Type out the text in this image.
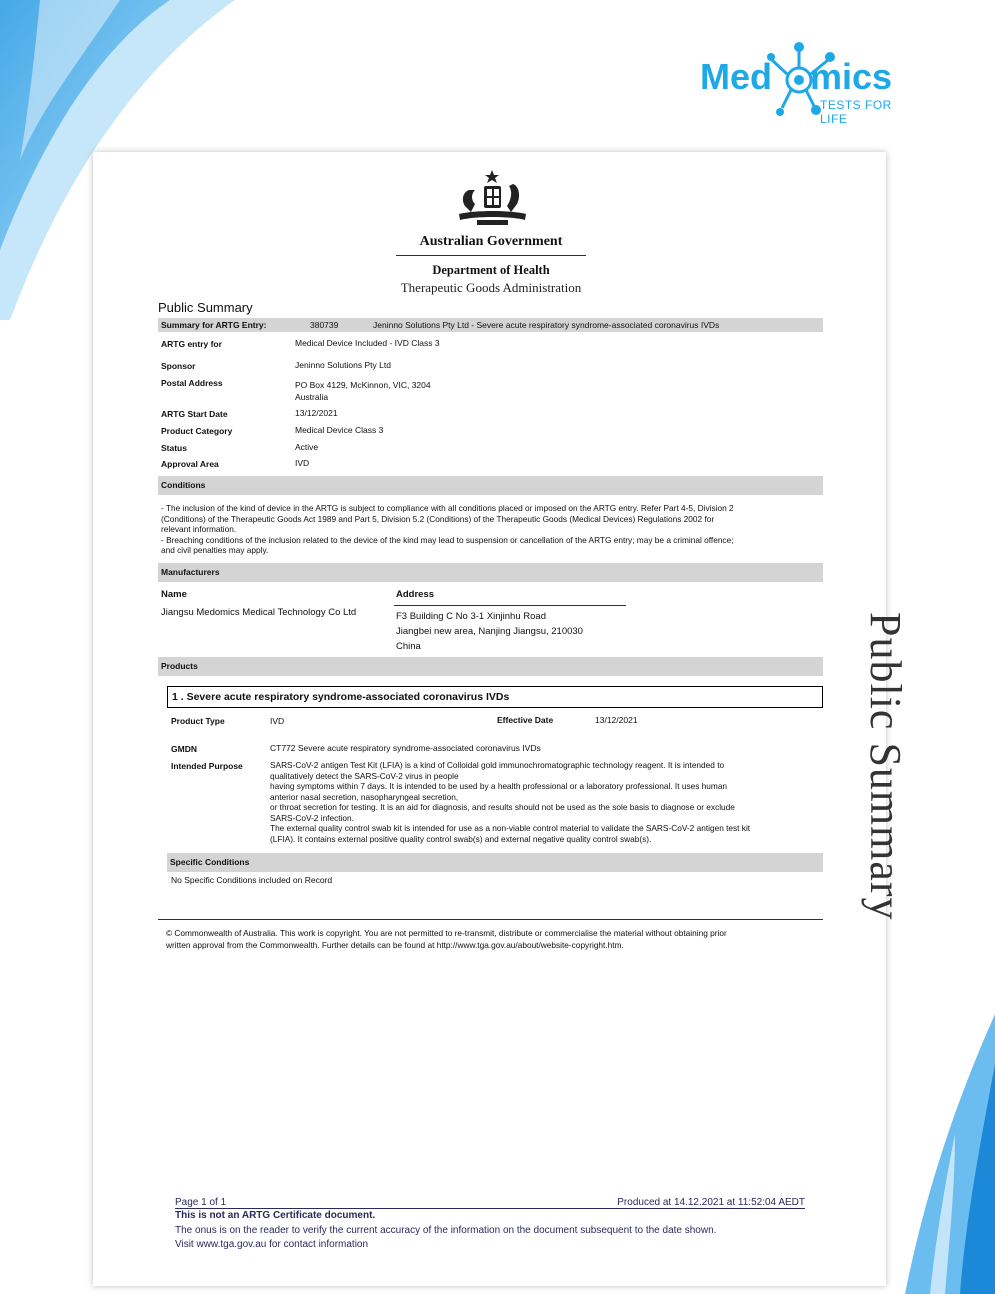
Med mics
TESTS FOR LIFE
Australian Government
Department of Health
Therapeutic Goods Administration
Public Summary
Summary for ARTG Entry:	380739	Jeninno Solutions Pty Ltd - Severe acute respiratory syndrome-associated coronavirus IVDs
ARTG entry for	Medical Device Included - IVD Class 3
Sponsor	Jeninno Solutions Pty Ltd
Postal Address	PO Box 4129, McKinnon, VIC, 3204
Australia
ARTG Start Date	13/12/2021
Product Category	Medical Device Class 3
Status	Active
Approval Area	IVD
Conditions
- The inclusion of the kind of device in the ARTG is subject to compliance with all conditions placed or imposed on the ARTG entry. Refer Part 4-5, Division 2
(Conditions) of the Therapeutic Goods Act 1989 and Part 5, Division 5.2 (Conditions) of the Therapeutic Goods (Medical Devices) Regulations 2002 for
relevant information.
- Breaching conditions of the inclusion related to the device of the kind may lead to suspension or cancellation of the ARTG entry; may be a criminal offence;
and civil penalties may apply.
Manufacturers
Name	Address
Jiangsu Medomics Medical Technology Co Ltd	F3 Building C No 3-1 Xinjinhu Road
Jiangbei new area, Nanjing Jiangsu, 210030
China
Products
1 . Severe acute respiratory syndrome-associated coronavirus IVDs
Product Type	IVD	Effective Date	13/12/2021
GMDN	CT772 Severe acute respiratory syndrome-associated coronavirus IVDs
Intended Purpose	SARS-CoV-2 antigen Test Kit (LFIA) is a kind of Colloidal gold immunochromatographic technology reagent. It is intended to
qualitatively detect the SARS-CoV-2 virus in people
having symptoms within 7 days. It is intended to be used by a health professional or a laboratory professional. It uses human
anterior nasal secretion, nasopharyngeal secretion,
or throat secretion for testing. It is an aid for diagnosis, and results should not be used as the sole basis to diagnose or exclude
SARS-CoV-2 infection.
The external quality control swab kit is intended for use as a non-viable control material to validate the SARS-CoV-2 antigen test kit
(LFIA). It contains external positive quality control swab(s) and external negative quality control swab(s).
Specific Conditions
No Specific Conditions included on Record
© Commonwealth of Australia. This work is copyright. You are not permitted to re-transmit, distribute or commercialise the material without obtaining prior
written approval from the Commonwealth. Further details can be found at http://www.tga.gov.au/about/website-copyright.htm.
Public Summary
Page 1 of 1	Produced at 14.12.2021 at 11:52:04 AEDT
This is not an ARTG Certificate document.
The onus is on the reader to verify the current accuracy of the information on the document subsequent to the date shown.
Visit www.tga.gov.au for contact information
